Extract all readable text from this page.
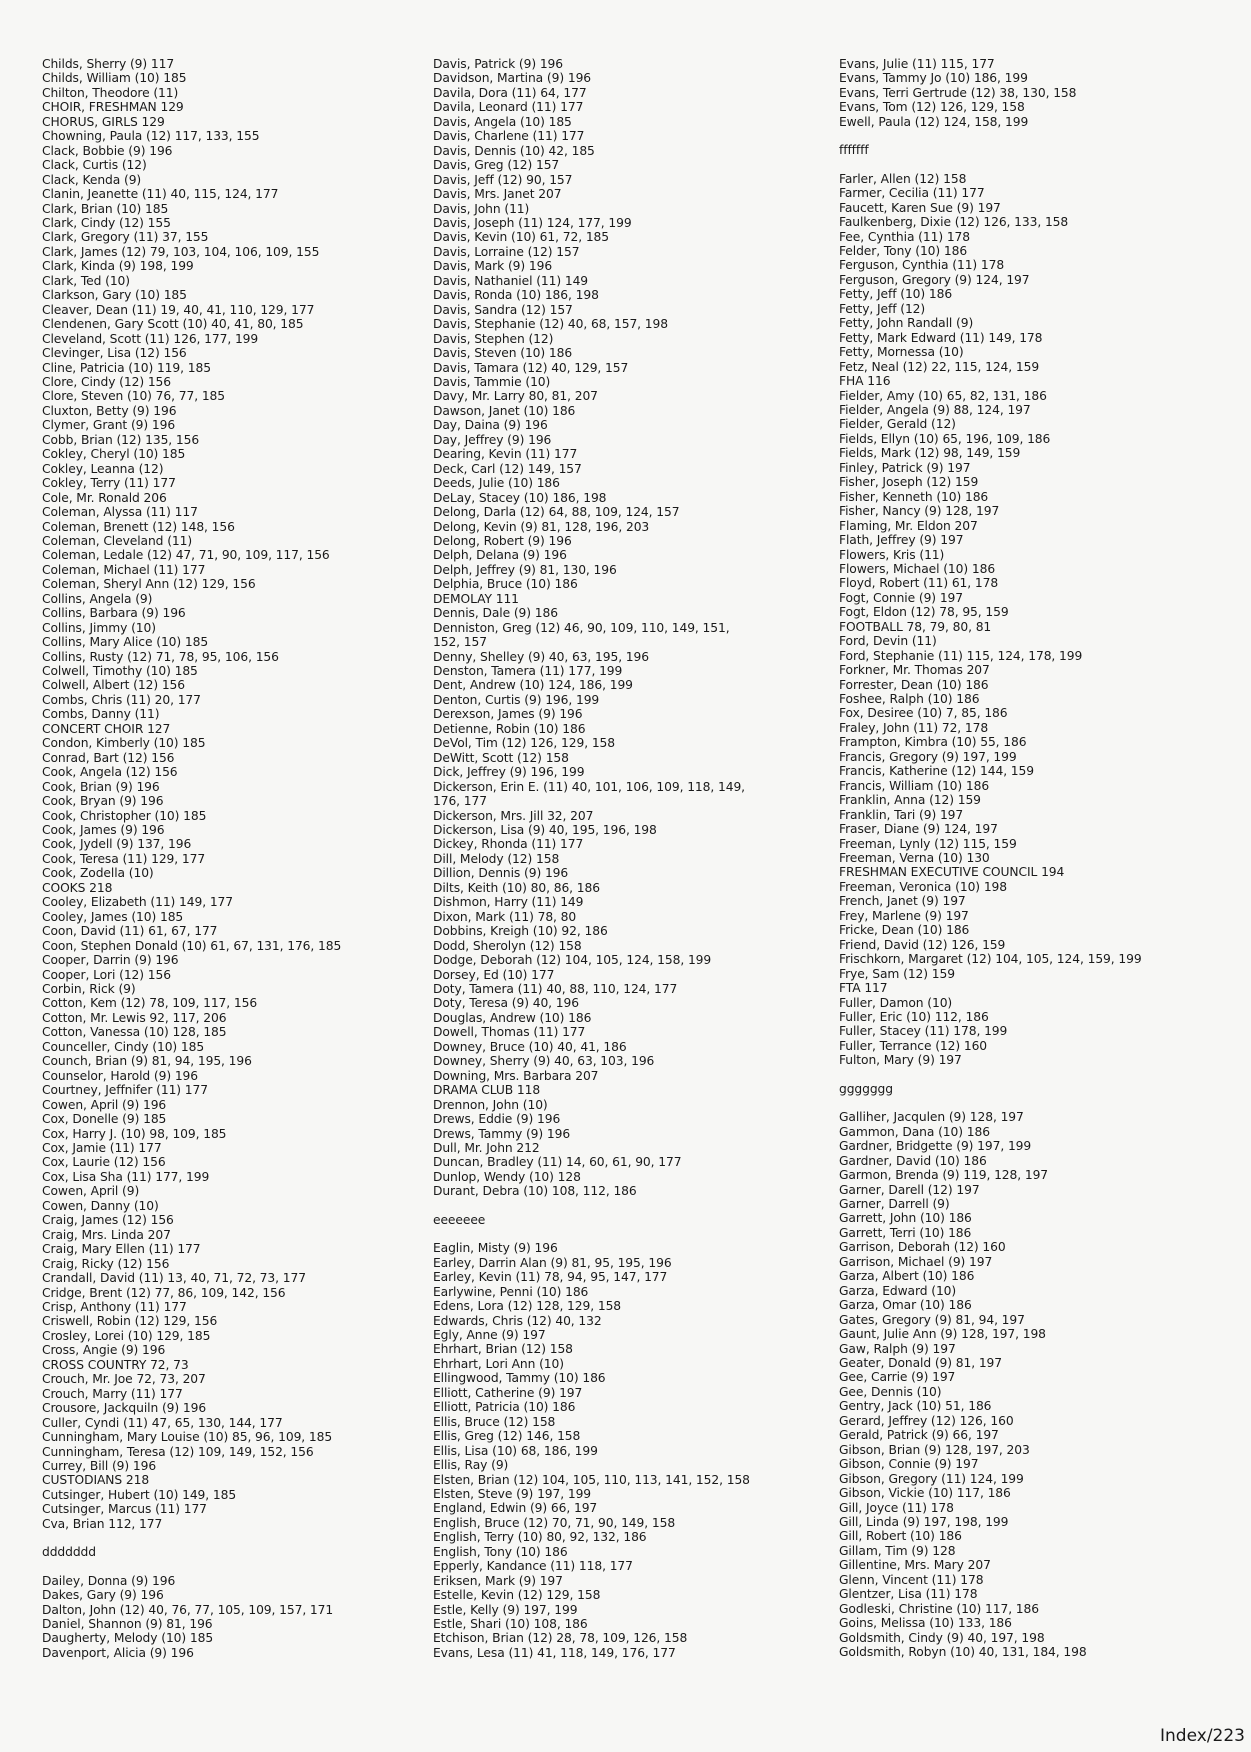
Childs, Sherry (9) 117
Childs, William (10) 185
Chilton, Theodore (11)
CHOIR, FRESHMAN 129
CHORUS, GIRLS 129
Chowning, Paula (12) 117, 133, 155
Clack, Bobbie (9) 196
Clack, Curtis (12)
Clack, Kenda (9)
Clanin, Jeanette (11) 40, 115, 124, 177
Clark, Brian (10) 185
Clark, Cindy (12) 155
Clark, Gregory (11) 37, 155
Clark, James (12) 79, 103, 104, 106, 109, 155
Clark, Kinda (9) 198, 199
Clark, Ted (10)
Clarkson, Gary (10) 185
Cleaver, Dean (11) 19, 40, 41, 110, 129, 177
Clendenen, Gary Scott (10) 40, 41, 80, 185
Cleveland, Scott (11) 126, 177, 199
Clevinger, Lisa (12) 156
Cline, Patricia (10) 119, 185
Clore, Cindy (12) 156
Clore, Steven (10) 76, 77, 185
Cluxton, Betty (9) 196
Clymer, Grant (9) 196
Cobb, Brian (12) 135, 156
Cokley, Cheryl (10) 185
Cokley, Leanna (12)
Cokley, Terry (11) 177
Cole, Mr. Ronald 206
Coleman, Alyssa (11) 117
Coleman, Brenett (12) 148, 156
Coleman, Cleveland (11)
Coleman, Ledale (12) 47, 71, 90, 109, 117, 156
Coleman, Michael (11) 177
Coleman, Sheryl Ann (12) 129, 156
Collins, Angela (9)
Collins, Barbara (9) 196
Collins, Jimmy (10)
Collins, Mary Alice (10) 185
Collins, Rusty (12) 71, 78, 95, 106, 156
Colwell, Timothy (10) 185
Colwell, Albert (12) 156
Combs, Chris (11) 20, 177
Combs, Danny (11)
CONCERT CHOIR 127
Condon, Kimberly (10) 185
Conrad, Bart (12) 156
Cook, Angela (12) 156
Cook, Brian (9) 196
Cook, Bryan (9) 196
Cook, Christopher (10) 185
Cook, James (9) 196
Cook, Jydell (9) 137, 196
Cook, Teresa (11) 129, 177
Cook, Zodella (10)
COOKS 218
Cooley, Elizabeth (11) 149, 177
Cooley, James (10) 185
Coon, David (11) 61, 67, 177
Coon, Stephen Donald (10) 61, 67, 131, 176, 185
Cooper, Darrin (9) 196
Cooper, Lori (12) 156
Corbin, Rick (9)
Cotton, Kem (12) 78, 109, 117, 156
Cotton, Mr. Lewis 92, 117, 206
Cotton, Vanessa (10) 128, 185
Counceller, Cindy (10) 185
Counch, Brian (9) 81, 94, 195, 196
Counselor, Harold (9) 196
Courtney, Jeffnifer (11) 177
Cowen, April (9) 196
Cox, Donelle (9) 185
Cox, Harry J. (10) 98, 109, 185
Cox, Jamie (11) 177
Cox, Laurie (12) 156
Cox, Lisa Sha (11) 177, 199
Cowen, April (9)
Cowen, Danny (10)
Craig, James (12) 156
Craig, Mrs. Linda 207
Craig, Mary Ellen (11) 177
Craig, Ricky (12) 156
Crandall, David (11) 13, 40, 71, 72, 73, 177
Cridge, Brent (12) 77, 86, 109, 142, 156
Crisp, Anthony (11) 177
Criswell, Robin (12) 129, 156
Crosley, Lorei (10) 129, 185
Cross, Angie (9) 196
CROSS COUNTRY 72, 73
Crouch, Mr. Joe 72, 73, 207
Crouch, Marry (11) 177
Crousore, Jackquiln (9) 196
Culler, Cyndi (11) 47, 65, 130, 144, 177
Cunningham, Mary Louise (10) 85, 96, 109, 185
Cunningham, Teresa (12) 109, 149, 152, 156
Currey, Bill (9) 196
CUSTODIANS 218
Cutsinger, Hubert (10) 149, 185
Cutsinger, Marcus (11) 177
Cva, Brian 112, 177
ddddddd
Dailey, Donna (9) 196
Dakes, Gary (9) 196
Dalton, John (12) 40, 76, 77, 105, 109, 157, 171
Daniel, Shannon (9) 81, 196
Daugherty, Melody (10) 185
Davenport, Alicia (9) 196
Davis, Patrick (9) 196
Davidson, Martina (9) 196
Davila, Dora (11) 64, 177
Davila, Leonard (11) 177
Davis, Angela (10) 185
Davis, Charlene (11) 177
Davis, Dennis (10) 42, 185
Davis, Greg (12) 157
Davis, Jeff (12) 90, 157
Davis, Mrs. Janet 207
Davis, John (11)
Davis, Joseph (11) 124, 177, 199
Davis, Kevin (10) 61, 72, 185
Davis, Lorraine (12) 157
Davis, Mark (9) 196
Davis, Nathaniel (11) 149
Davis, Ronda (10) 186, 198
Davis, Sandra (12) 157
Davis, Stephanie (12) 40, 68, 157, 198
Davis, Stephen (12)
Davis, Steven (10) 186
Davis, Tamara (12) 40, 129, 157
Davis, Tammie (10)
Davy, Mr. Larry 80, 81, 207
Dawson, Janet (10) 186
Day, Daina (9) 196
Day, Jeffrey (9) 196
Dearing, Kevin (11) 177
Deck, Carl (12) 149, 157
Deeds, Julie (10) 186
DeLay, Stacey (10) 186, 198
Delong, Darla (12) 64, 88, 109, 124, 157
Delong, Kevin (9) 81, 128, 196, 203
Delong, Robert (9) 196
Delph, Delana (9) 196
Delph, Jeffrey (9) 81, 130, 196
Delphia, Bruce (10) 186
DEMOLAY 111
Dennis, Dale (9) 186
Denniston, Greg (12) 46, 90, 109, 110, 149, 151,
152, 157
Denny, Shelley (9) 40, 63, 195, 196
Denston, Tamera (11) 177, 199
Dent, Andrew (10) 124, 186, 199
Denton, Curtis (9) 196, 199
Derexson, James (9) 196
Detienne, Robin (10) 186
DeVol, Tim (12) 126, 129, 158
DeWitt, Scott (12) 158
Dick, Jeffrey (9) 196, 199
Dickerson, Erin E. (11) 40, 101, 106, 109, 118, 149,
176, 177
Dickerson, Mrs. Jill 32, 207
Dickerson, Lisa (9) 40, 195, 196, 198
Dickey, Rhonda (11) 177
Dill, Melody (12) 158
Dillion, Dennis (9) 196
Dilts, Keith (10) 80, 86, 186
Dishmon, Harry (11) 149
Dixon, Mark (11) 78, 80
Dobbins, Kreigh (10) 92, 186
Dodd, Sherolyn (12) 158
Dodge, Deborah (12) 104, 105, 124, 158, 199
Dorsey, Ed (10) 177
Doty, Tamera (11) 40, 88, 110, 124, 177
Doty, Teresa (9) 40, 196
Douglas, Andrew (10) 186
Dowell, Thomas (11) 177
Downey, Bruce (10) 40, 41, 186
Downey, Sherry (9) 40, 63, 103, 196
Downing, Mrs. Barbara 207
DRAMA CLUB 118
Drennon, John (10)
Drews, Eddie (9) 196
Drews, Tammy (9) 196
Dull, Mr. John 212
Duncan, Bradley (11) 14, 60, 61, 90, 177
Dunlop, Wendy (10) 128
Durant, Debra (10) 108, 112, 186
eeeeeee
Eaglin, Misty (9) 196
Earley, Darrin Alan (9) 81, 95, 195, 196
Earley, Kevin (11) 78, 94, 95, 147, 177
Earlywine, Penni (10) 186
Edens, Lora (12) 128, 129, 158
Edwards, Chris (12) 40, 132
Egly, Anne (9) 197
Ehrhart, Brian (12) 158
Ehrhart, Lori Ann (10)
Ellingwood, Tammy (10) 186
Elliott, Catherine (9) 197
Elliott, Patricia (10) 186
Ellis, Bruce (12) 158
Ellis, Greg (12) 146, 158
Ellis, Lisa (10) 68, 186, 199
Ellis, Ray (9)
Elsten, Brian (12) 104, 105, 110, 113, 141, 152, 158
Elsten, Steve (9) 197, 199
England, Edwin (9) 66, 197
English, Bruce (12) 70, 71, 90, 149, 158
English, Terry (10) 80, 92, 132, 186
English, Tony (10) 186
Epperly, Kandance (11) 118, 177
Eriksen, Mark (9) 197
Estelle, Kevin (12) 129, 158
Estle, Kelly (9) 197, 199
Estle, Shari (10) 108, 186
Etchison, Brian (12) 28, 78, 109, 126, 158
Evans, Lesa (11) 41, 118, 149, 176, 177
Evans, Julie (11) 115, 177
Evans, Tammy Jo (10) 186, 199
Evans, Terri Gertrude (12) 38, 130, 158
Evans, Tom (12) 126, 129, 158
Ewell, Paula (12) 124, 158, 199
fffffff
Farler, Allen (12) 158
Farmer, Cecilia (11) 177
Faucett, Karen Sue (9) 197
Faulkenberg, Dixie (12) 126, 133, 158
Fee, Cynthia (11) 178
Felder, Tony (10) 186
Ferguson, Cynthia (11) 178
Ferguson, Gregory (9) 124, 197
Fetty, Jeff (10) 186
Fetty, Jeff (12)
Fetty, John Randall (9)
Fetty, Mark Edward (11) 149, 178
Fetty, Mornessa (10)
Fetz, Neal (12) 22, 115, 124, 159
FHA 116
Fielder, Amy (10) 65, 82, 131, 186
Fielder, Angela (9) 88, 124, 197
Fielder, Gerald (12)
Fields, Ellyn (10) 65, 196, 109, 186
Fields, Mark (12) 98, 149, 159
Finley, Patrick (9) 197
Fisher, Joseph (12) 159
Fisher, Kenneth (10) 186
Fisher, Nancy (9) 128, 197
Flaming, Mr. Eldon 207
Flath, Jeffrey (9) 197
Flowers, Kris (11)
Flowers, Michael (10) 186
Floyd, Robert (11) 61, 178
Fogt, Connie (9) 197
Fogt, Eldon (12) 78, 95, 159
FOOTBALL 78, 79, 80, 81
Ford, Devin (11)
Ford, Stephanie (11) 115, 124, 178, 199
Forkner, Mr. Thomas 207
Forrester, Dean (10) 186
Foshee, Ralph (10) 186
Fox, Desiree (10) 7, 85, 186
Fraley, John (11) 72, 178
Frampton, Kimbra (10) 55, 186
Francis, Gregory (9) 197, 199
Francis, Katherine (12) 144, 159
Francis, William (10) 186
Franklin, Anna (12) 159
Franklin, Tari (9) 197
Fraser, Diane (9) 124, 197
Freeman, Lynly (12) 115, 159
Freeman, Verna (10) 130
FRESHMAN EXECUTIVE COUNCIL 194
Freeman, Veronica (10) 198
French, Janet (9) 197
Frey, Marlene (9) 197
Fricke, Dean (10) 186
Friend, David (12) 126, 159
Frischkorn, Margaret (12) 104, 105, 124, 159, 199
Frye, Sam (12) 159
FTA 117
Fuller, Damon (10)
Fuller, Eric (10) 112, 186
Fuller, Stacey (11) 178, 199
Fuller, Terrance (12) 160
Fulton, Mary (9) 197
ggggggg
Galliher, Jacqulen (9) 128, 197
Gammon, Dana (10) 186
Gardner, Bridgette (9) 197, 199
Gardner, David (10) 186
Garmon, Brenda (9) 119, 128, 197
Garner, Darell (12) 197
Garner, Darrell (9)
Garrett, John (10) 186
Garrett, Terri (10) 186
Garrison, Deborah (12) 160
Garrison, Michael (9) 197
Garza, Albert (10) 186
Garza, Edward (10)
Garza, Omar (10) 186
Gates, Gregory (9) 81, 94, 197
Gaunt, Julie Ann (9) 128, 197, 198
Gaw, Ralph (9) 197
Geater, Donald (9) 81, 197
Gee, Carrie (9) 197
Gee, Dennis (10)
Gentry, Jack (10) 51, 186
Gerard, Jeffrey (12) 126, 160
Gerald, Patrick (9) 66, 197
Gibson, Brian (9) 128, 197, 203
Gibson, Connie (9) 197
Gibson, Gregory (11) 124, 199
Gibson, Vickie (10) 117, 186
Gill, Joyce (11) 178
Gill, Linda (9) 197, 198, 199
Gill, Robert (10) 186
Gillam, Tim (9) 128
Gillentine, Mrs. Mary 207
Glenn, Vincent (11) 178
Glentzer, Lisa (11) 178
Godleski, Christine (10) 117, 186
Goins, Melissa (10) 133, 186
Goldsmith, Cindy (9) 40, 197, 198
Goldsmith, Robyn (10) 40, 131, 184, 198
Index/223
